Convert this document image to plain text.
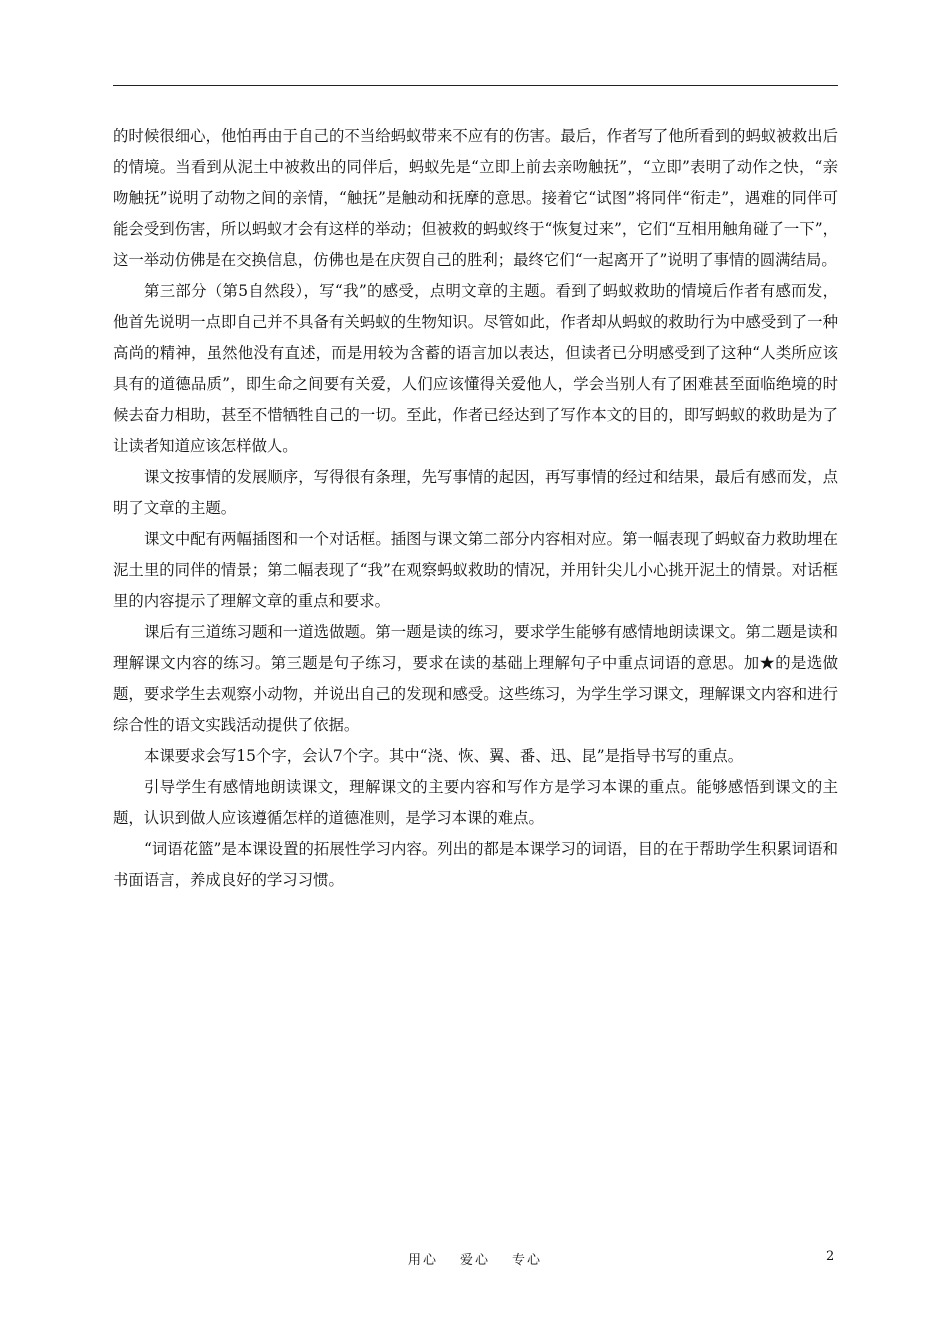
的时候很细心，他怕再由于自己的不当给蚂蚁带来不应有的伤害。最后，作者写了他所看到的蚂蚁被救出后的情境。当看到从泥土中被救出的同伴后，蚂蚁先是“立即上前去亲吻触抚”，“立即”表明了动作之快，“亲吻触抚”说明了动物之间的亲情，“触抚”是触动和抚摩的意思。接着它“试图”将同伴“衔走”，遇难的同伴可能会受到伤害，所以蚂蚁才会有这样的举动；但被救的蚂蚁终于“恢复过来”，它们“互相用触角碰了一下”，这一举动仿佛是在交换信息，仿佛也是在庆贺自己的胜利；最终它们“一起离开了”说明了事情的圆满结局。

第三部分（第5自然段），写“我”的感受，点明文章的主题。看到了蚂蚁救助的情境后作者有感而发，他首先说明一点即自己并不具备有关蚂蚁的生物知识。尽管如此，作者却从蚂蚁的救助行为中感受到了一种高尚的精神，虽然他没有直述，而是用较为含蓄的语言加以表达，但读者已分明感受到了这种“人类所应该具有的道德品质”，即生命之间要有关爱，人们应该懂得关爱他人，学会当别人有了困难甚至面临绝境的时候去奋力相助，甚至不惜牺牲自己的一切。至此，作者已经达到了写作本文的目的，即写蚂蚁的救助是为了让读者知道应该怎样做人。

课文按事情的发展顺序，写得很有条理，先写事情的起因，再写事情的经过和结果，最后有感而发，点明了文章的主题。

课文中配有两幅插图和一个对话框。插图与课文第二部分内容相对应。第一幅表现了蚂蚁奋力救助埋在泥土里的同伴的情景；第二幅表现了“我”在观察蚂蚁救助的情况，并用针尖儿小心挑开泥土的情景。对话框里的内容提示了理解文章的重点和要求。

课后有三道练习题和一道选做题。第一题是读的练习，要求学生能够有感情地朗读课文。第二题是读和理解课文内容的练习。第三题是句子练习，要求在读的基础上理解句子中重点词语的意思。加★的是选做题，要求学生去观察小动物，并说出自己的发现和感受。这些练习，为学生学习课文，理解课文内容和进行综合性的语文实践活动提供了依据。

本课要求会写15个字，会认7个字。其中“浇、恢、翼、番、迅、昆”是指导书写的重点。

引导学生有感情地朗读课文，理解课文的主要内容和写作方是学习本课的重点。能够感悟到课文的主题，认识到做人应该遵循怎样的道德准则，是学习本课的难点。

“词语花篮”是本课设置的拓展性学习内容。列出的都是本课学习的词语，目的在于帮助学生积累词语和书面语言，养成良好的学习习惯。

用心 爱心 专心	2
